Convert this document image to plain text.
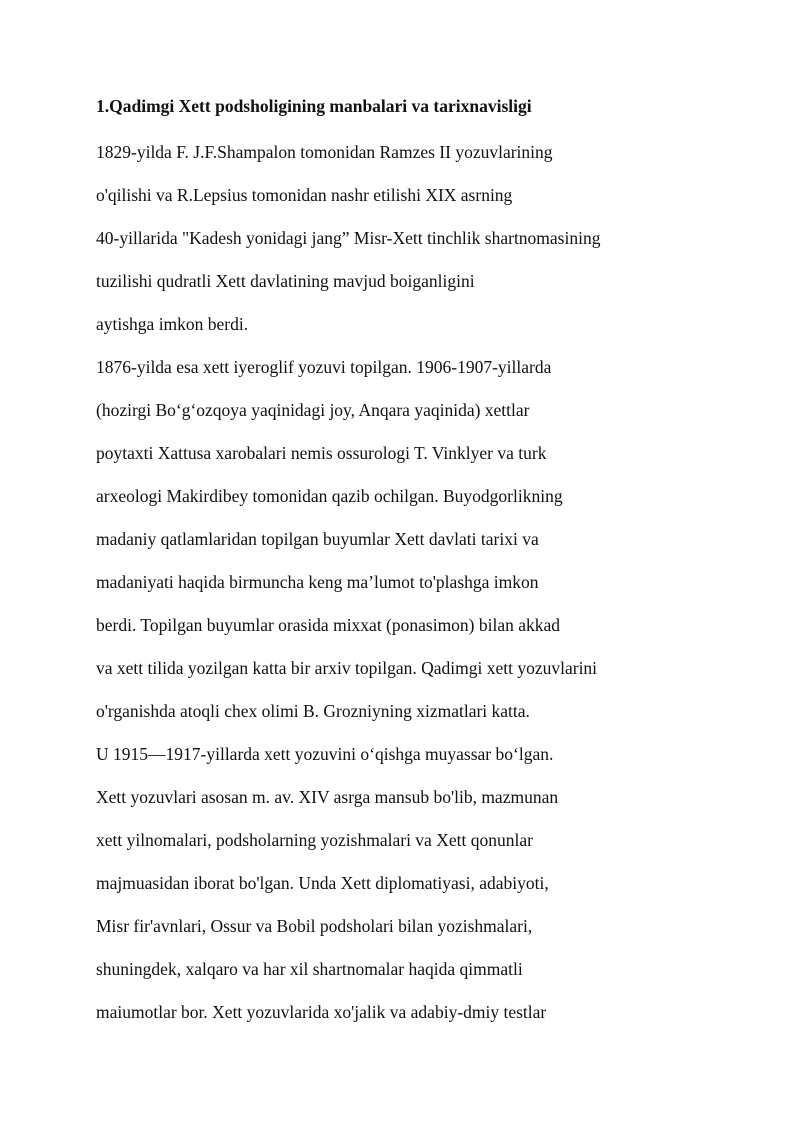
1.Qadimgi Xett podsholigining manbalari va tarixnavisligi
1829-yilda F. J.F.Shampalon tomonidan Ramzes II yozuvlarining
o'qilishi va R.Lepsius tomonidan nashr etilishi XIX asrning
40-yillarida "Kadesh yonidagi jang” Misr-Xett tinchlik shartnomasining
tuzilishi qudratli Xett davlatining mavjud boiganligini
aytishga imkon berdi.
1876-yilda esa xett iyeroglif yozuvi topilgan. 1906-1907-yillarda
(hozirgi Bo‘g‘ozqoya yaqinidagi joy, Anqara yaqinida) xettlar
poytaxti Xattusa xarobalari nemis ossurologi T. Vinklyer va turk
arxeologi Makirdibey tomonidan qazib ochilgan. Buyodgorlikning
madaniy qatlamlaridan topilgan buyumlar Xett davlati tarixi va
madaniyati haqida birmuncha keng ma’lumot to'plashga imkon
berdi. Topilgan buyumlar orasida mixxat (ponasimon) bilan akkad
va xett tilida yozilgan katta bir arxiv topilgan. Qadimgi xett yozuvlarini
o'rganishda atoqli chex olimi B. Grozniyning xizmatlari katta.
U 1915—1917-yillarda xett yozuvini o‘qishga muyassar bo‘lgan.
Xett yozuvlari asosan m. av. XIV asrga mansub bo'lib, mazmunan
xett yilnomalari, podsholarning yozishmalari va Xett qonunlar
majmuasidan iborat bo'lgan. Unda Xett diplomatiyasi, adabiyoti,
Misr fir'avnlari, Ossur va Bobil podsholari bilan yozishmalari,
shuningdek, xalqaro va har xil shartnomalar haqida qimmatli
maiumotlar bor. Xett yozuvlarida xo'jalik va adabiy-dmiy testlar
